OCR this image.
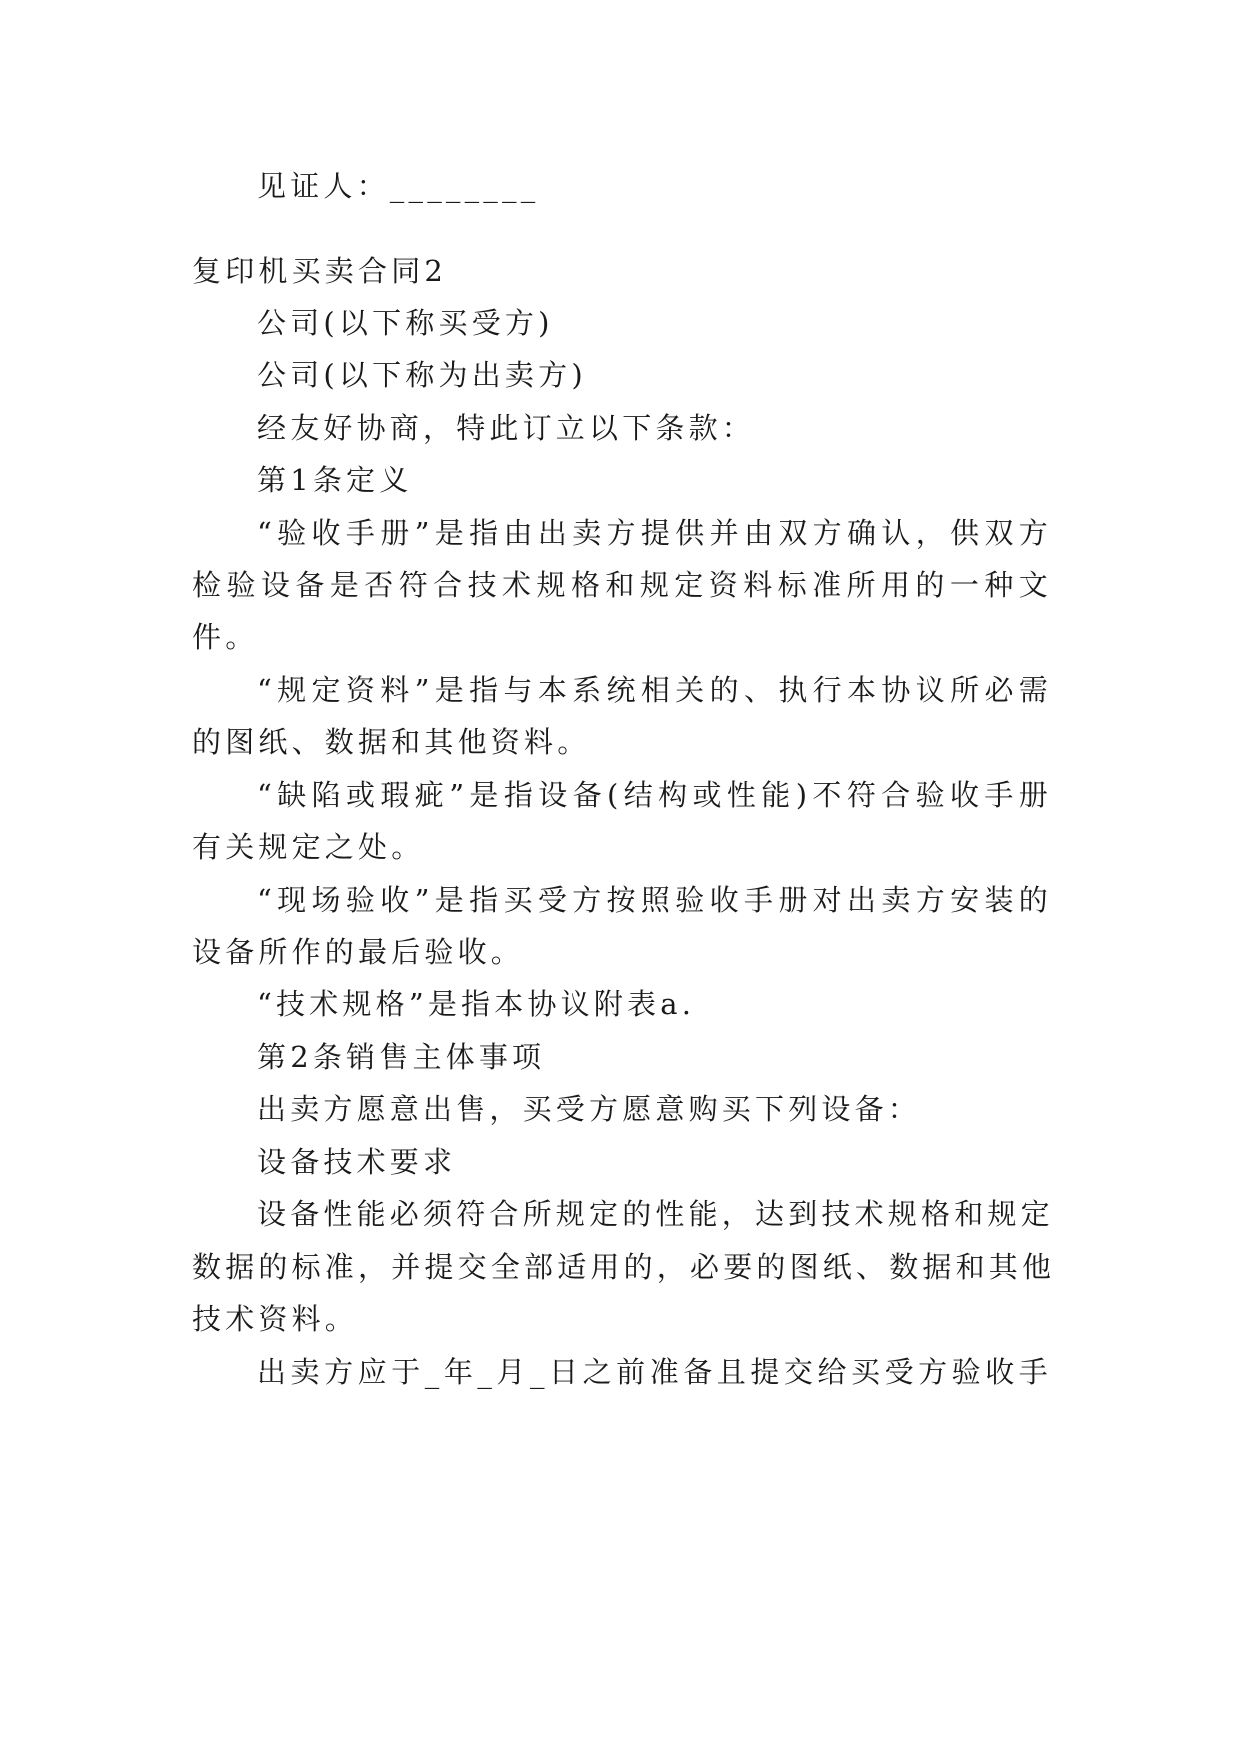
见证人：________
复印机买卖合同2
公司(以下称买受方)
公司(以下称为出卖方)
经友好协商，特此订立以下条款：
第1条定义
“验收手册”是指由出卖方提供并由双方确认，供双方
检验设备是否符合技术规格和规定资料标准所用的一种文
件。
“规定资料”是指与本系统相关的、执行本协议所必需
的图纸、数据和其他资料。
“缺陷或瑕疵”是指设备(结构或性能)不符合验收手册
有关规定之处。
“现场验收”是指买受方按照验收手册对出卖方安装的
设备所作的最后验收。
“技术规格”是指本协议附表a.
第2条销售主体事项
出卖方愿意出售，买受方愿意购买下列设备：
设备技术要求
设备性能必须符合所规定的性能，达到技术规格和规定
数据的标准，并提交全部适用的，必要的图纸、数据和其他
技术资料。
出卖方应于_年_月_日之前准备且提交给买受方验收手
